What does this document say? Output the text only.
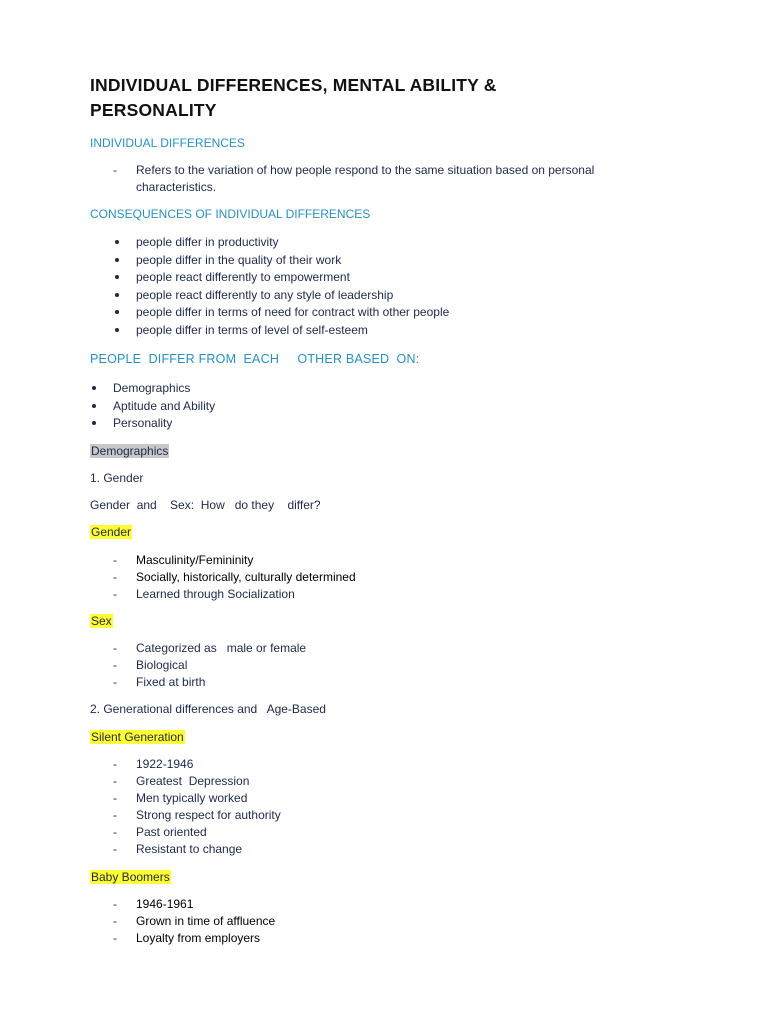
INDIVIDUAL DIFFERENCES, MENTAL ABILITY &
PERSONALITY
INDIVIDUAL DIFFERENCES
- Refers to the variation of how people respond to the same situation based on personal
characteristics.
CONSEQUENCES OF INDIVIDUAL DIFFERENCES
people differ in productivity
people differ in the quality of their work
people react differently to empowerment
people react differently to any style of leadership
people differ in terms of need for contract with other people
people differ in terms of level of self-esteem
PEOPLE  DIFFER FROM  EACH     OTHER BASED  ON:
Demographics
Aptitude and Ability
Personality
Demographics
1. Gender
Gender  and    Sex:  How   do they    differ?
Gender
- Masculinity/Femininity
- Socially, historically, culturally determined
- Learned through Socialization
Sex
- Categorized as   male or female
- Biological
- Fixed at birth
2. Generational differences and   Age-Based
Silent Generation
- 1922-1946
- Greatest  Depression
- Men typically worked
- Strong respect for authority
- Past oriented
- Resistant to change
Baby Boomers
- 1946-1961
- Grown in time of affluence
- Loyalty from employers
